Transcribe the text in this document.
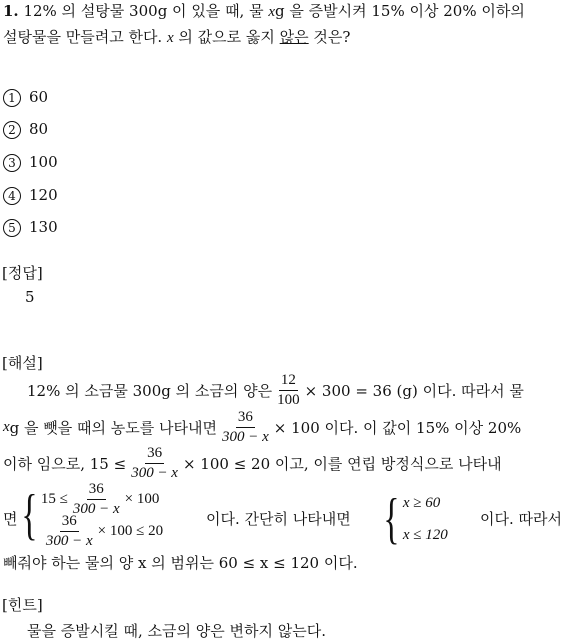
1. 12% 의 설탕물 300g 이 있을 때, 물 xg 을 증발시켜 15% 이상 20% 이하의
설탕물을 만들려고 한다. x 의 값으로 옳지 않은 것은?
1 60
2 80
3 100
4 120
5 130
[정답]
5
[해설]
12% 의 소금물 300g 의 소금의 양은 $\frac{12}{100} \times 300 = 36$ (g) 이다. 따라서 물
x g 을 뺏을 때의 농도를 나타내면 $\frac{36}{300 - x} \times 100$ 이다. 이 값이 15% 이상 20%
이하 임으로, $15 \le \frac{36}{300 - x} \times 100 \le 20$ 이고, 이를 연립 방정식으로 나타내
면 { $15 \le \frac{36}{300 - x} \times 100$
$\frac{36}{300 - x} \times 100 \le 20$
이다. 간단히 나타내면 { x ≥ 60
x ≤ 120
이다. 따라서
빼줘야 하는 물의 양 x 의 범위는 60 ≤ x ≤ 120 이다.
[힌트]
물을 증발시킬 때, 소금의 양은 변하지 않는다.
